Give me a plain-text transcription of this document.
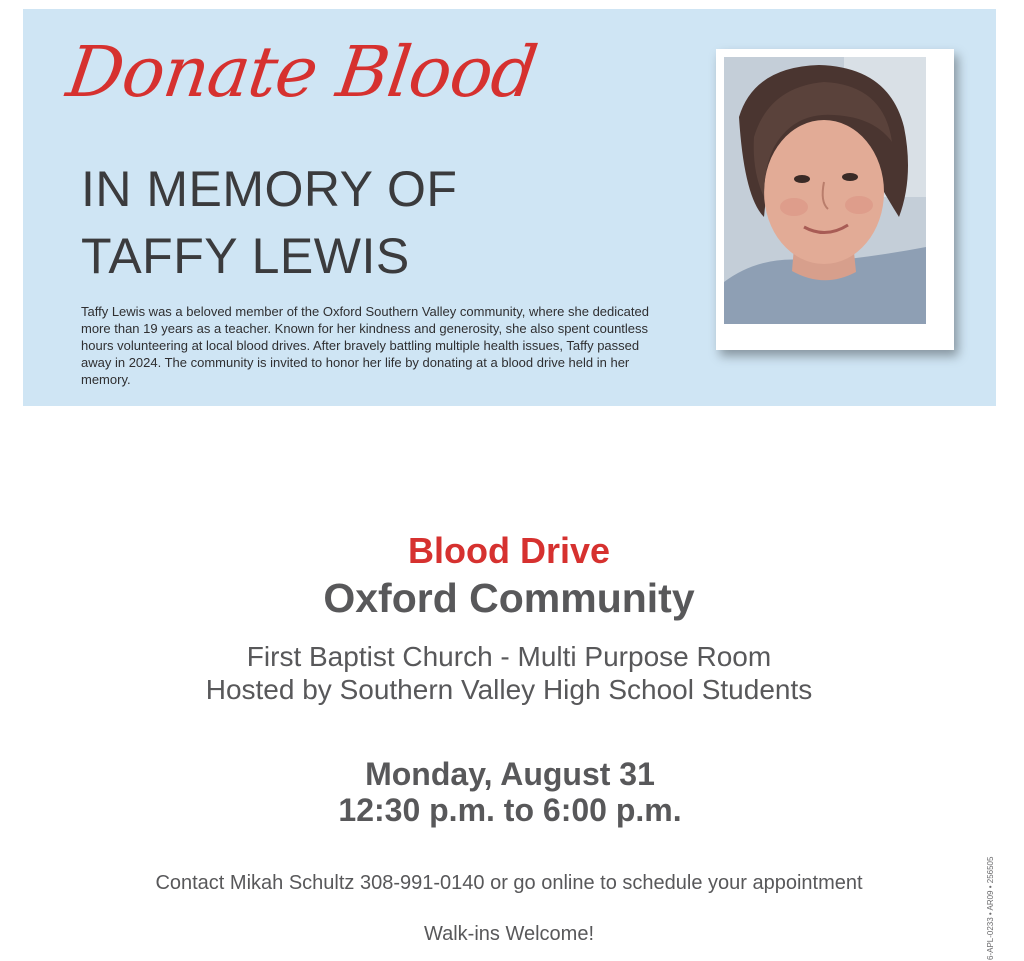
Donate Blood
IN MEMORY OF
TAFFY LEWIS
Taffy Lewis was a beloved member of the Oxford Southern Valley community, where she dedicated more than 19 years as a teacher. Known for her kindness and generosity, she also spent countless hours volunteering at local blood drives. After bravely battling multiple health issues, Taffy passed away in 2024. The community is invited to honor her life by donating at a blood drive held in her memory.
Blood Drive
Oxford Community
First Baptist Church - Multi Purpose Room
Hosted by Southern Valley High School Students
Monday, August 31
12:30 p.m. to 6:00 p.m.
Contact Mikah Schultz 308-991-0140 or go online to schedule your appointment
Walk-ins Welcome!	6-APL-0233 • AR09 • 256505
